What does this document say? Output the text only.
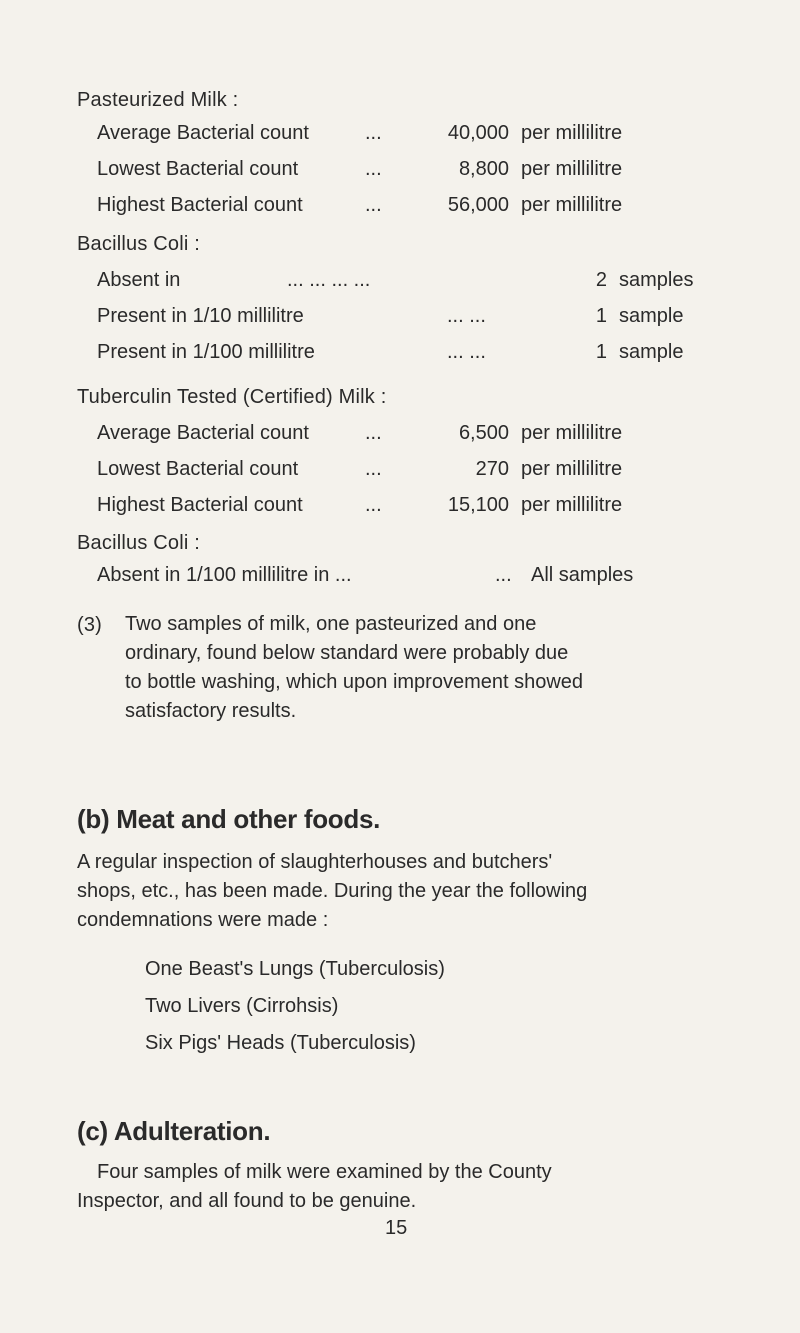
Pasteurized Milk :
Average Bacterial count	...	40,000 per millilitre
Lowest Bacterial count	...	8,800 per millilitre
Highest Bacterial count	...	56,000 per millilitre
Bacillus Coli :
Absent in	... ... ... ...	2 samples
Present in 1/10 millilitre	... ...	1 sample
Present in 1/100 millilitre	... ...	1 sample
Tuberculin Tested (Certified) Milk :
Average Bacterial count	...	6,500 per millilitre
Lowest Bacterial count	...	270 per millilitre
Highest Bacterial count	...	15,100 per millilitre
Bacillus Coli :
Absent in 1/100 millilitre in ...	... All samples
(3) Two samples of milk, one pasteurized and one
ordinary, found below standard were probably due
to bottle washing, which upon improvement showed
satisfactory results.
(b) Meat and other foods.
A regular inspection of slaughterhouses and butchers'
shops, etc., has been made. During the year the following
condemnations were made :
One Beast's Lungs (Tuberculosis)
Two Livers (Cirrohsis)
Six Pigs' Heads (Tuberculosis)
(c) Adulteration.
Four samples of milk were examined by the County
Inspector, and all found to be genuine.
15
